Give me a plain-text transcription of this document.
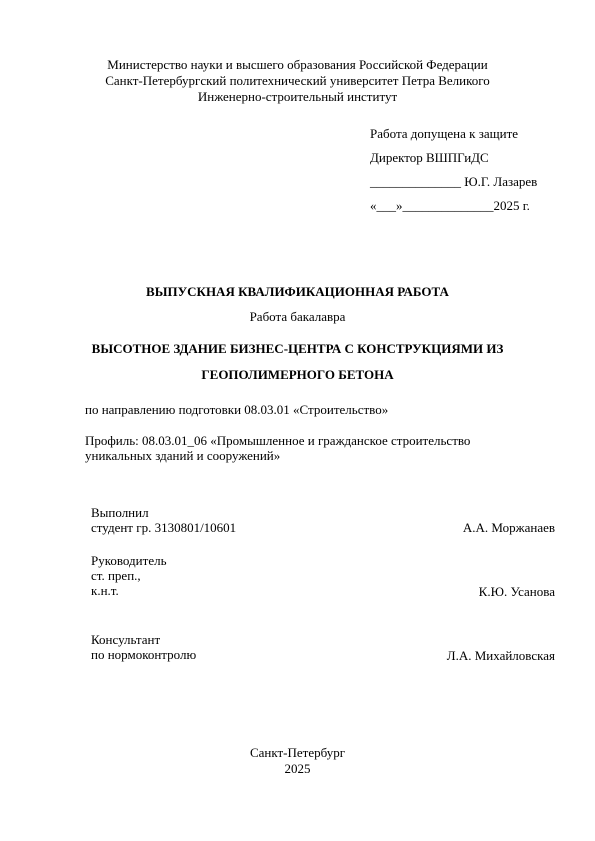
Министерство науки и высшего образования Российской Федерации
Санкт-Петербургский политехнический университет Петра Великого
Инженерно-строительный институт
Работа допущена к защите
Директор ВШПГиДС
______________ Ю.Г. Лазарев
«___»______________2025 г.
ВЫПУСКНАЯ КВАЛИФИКАЦИОННАЯ РАБОТА
Работа бакалавра
ВЫСОТНОЕ ЗДАНИЕ БИЗНЕС-ЦЕНТРА С КОНСТРУКЦИЯМИ ИЗ
ГЕОПОЛИМЕРНОГО БЕТОНА
по направлению подготовки 08.03.01 «Строительство»
Профиль: 08.03.01_06 «Промышленное и гражданское строительство
уникальных зданий и сооружений»
Выполнил
студент гр. 3130801/10601	А.А. Моржанаев
Руководитель
ст. преп.,
к.н.т.	К.Ю. Усанова
Консультант
по нормоконтролю	Л.А. Михайловская
Санкт-Петербург
2025
